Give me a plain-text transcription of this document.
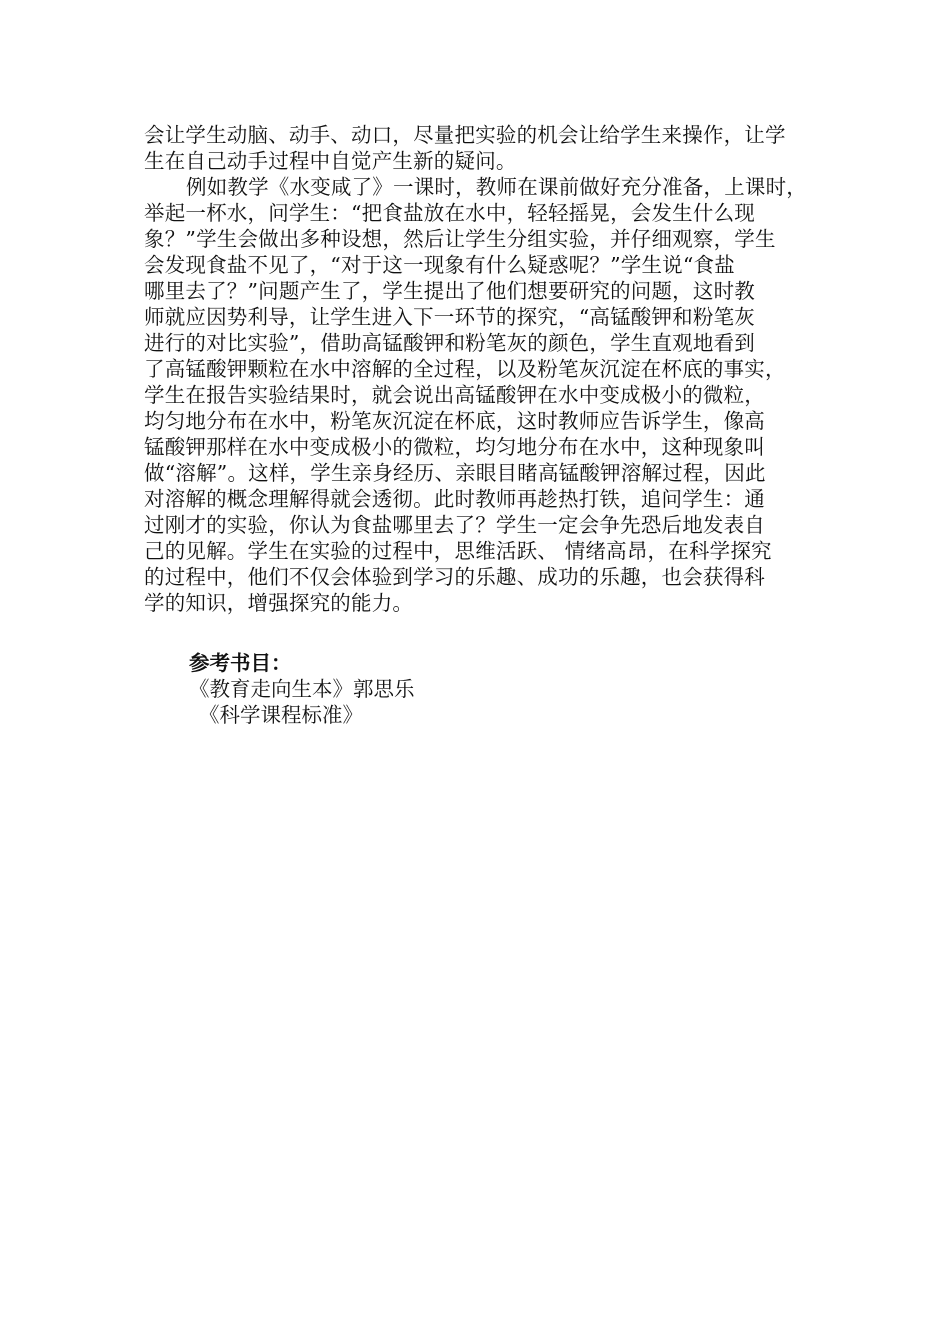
会让学生动脑、动手、动口，尽量把实验的机会让给学生来操作，让学
生在自己动手过程中自觉产生新的疑问。
例如教学《水变咸了》一课时，教师在课前做好充分准备，上课时，
举起一杯水，问学生：“把食盐放在水中，轻轻摇晃，会发生什么现
象？”学生会做出多种设想，然后让学生分组实验，并仔细观察，学生
会发现食盐不见了，“对于这一现象有什么疑惑呢？”学生说“食盐
哪里去了？”问题产生了，学生提出了他们想要研究的问题，这时教
师就应因势利导，让学生进入下一环节的探究，“高锰酸钾和粉笔灰
进行的对比实验”，借助高锰酸钾和粉笔灰的颜色，学生直观地看到
了高锰酸钾颗粒在水中溶解的全过程，以及粉笔灰沉淀在杯底的事实，
学生在报告实验结果时，就会说出高锰酸钾在水中变成极小的微粒，
均匀地分布在水中，粉笔灰沉淀在杯底，这时教师应告诉学生，像高
锰酸钾那样在水中变成极小的微粒，均匀地分布在水中，这种现象叫
做“溶解”。这样，学生亲身经历、亲眼目睹高锰酸钾溶解过程，因此
对溶解的概念理解得就会透彻。此时教师再趁热打铁，追问学生：通
过刚才的实验，你认为食盐哪里去了？学生一定会争先恐后地发表自
己的见解。学生在实验的过程中，思维活跃、 情绪高昂，在科学探究
的过程中，他们不仅会体验到学习的乐趣、成功的乐趣，也会获得科
学的知识，增强探究的能力。
参考书目：
《教育走向生本》郭思乐
《科学课程标准》
